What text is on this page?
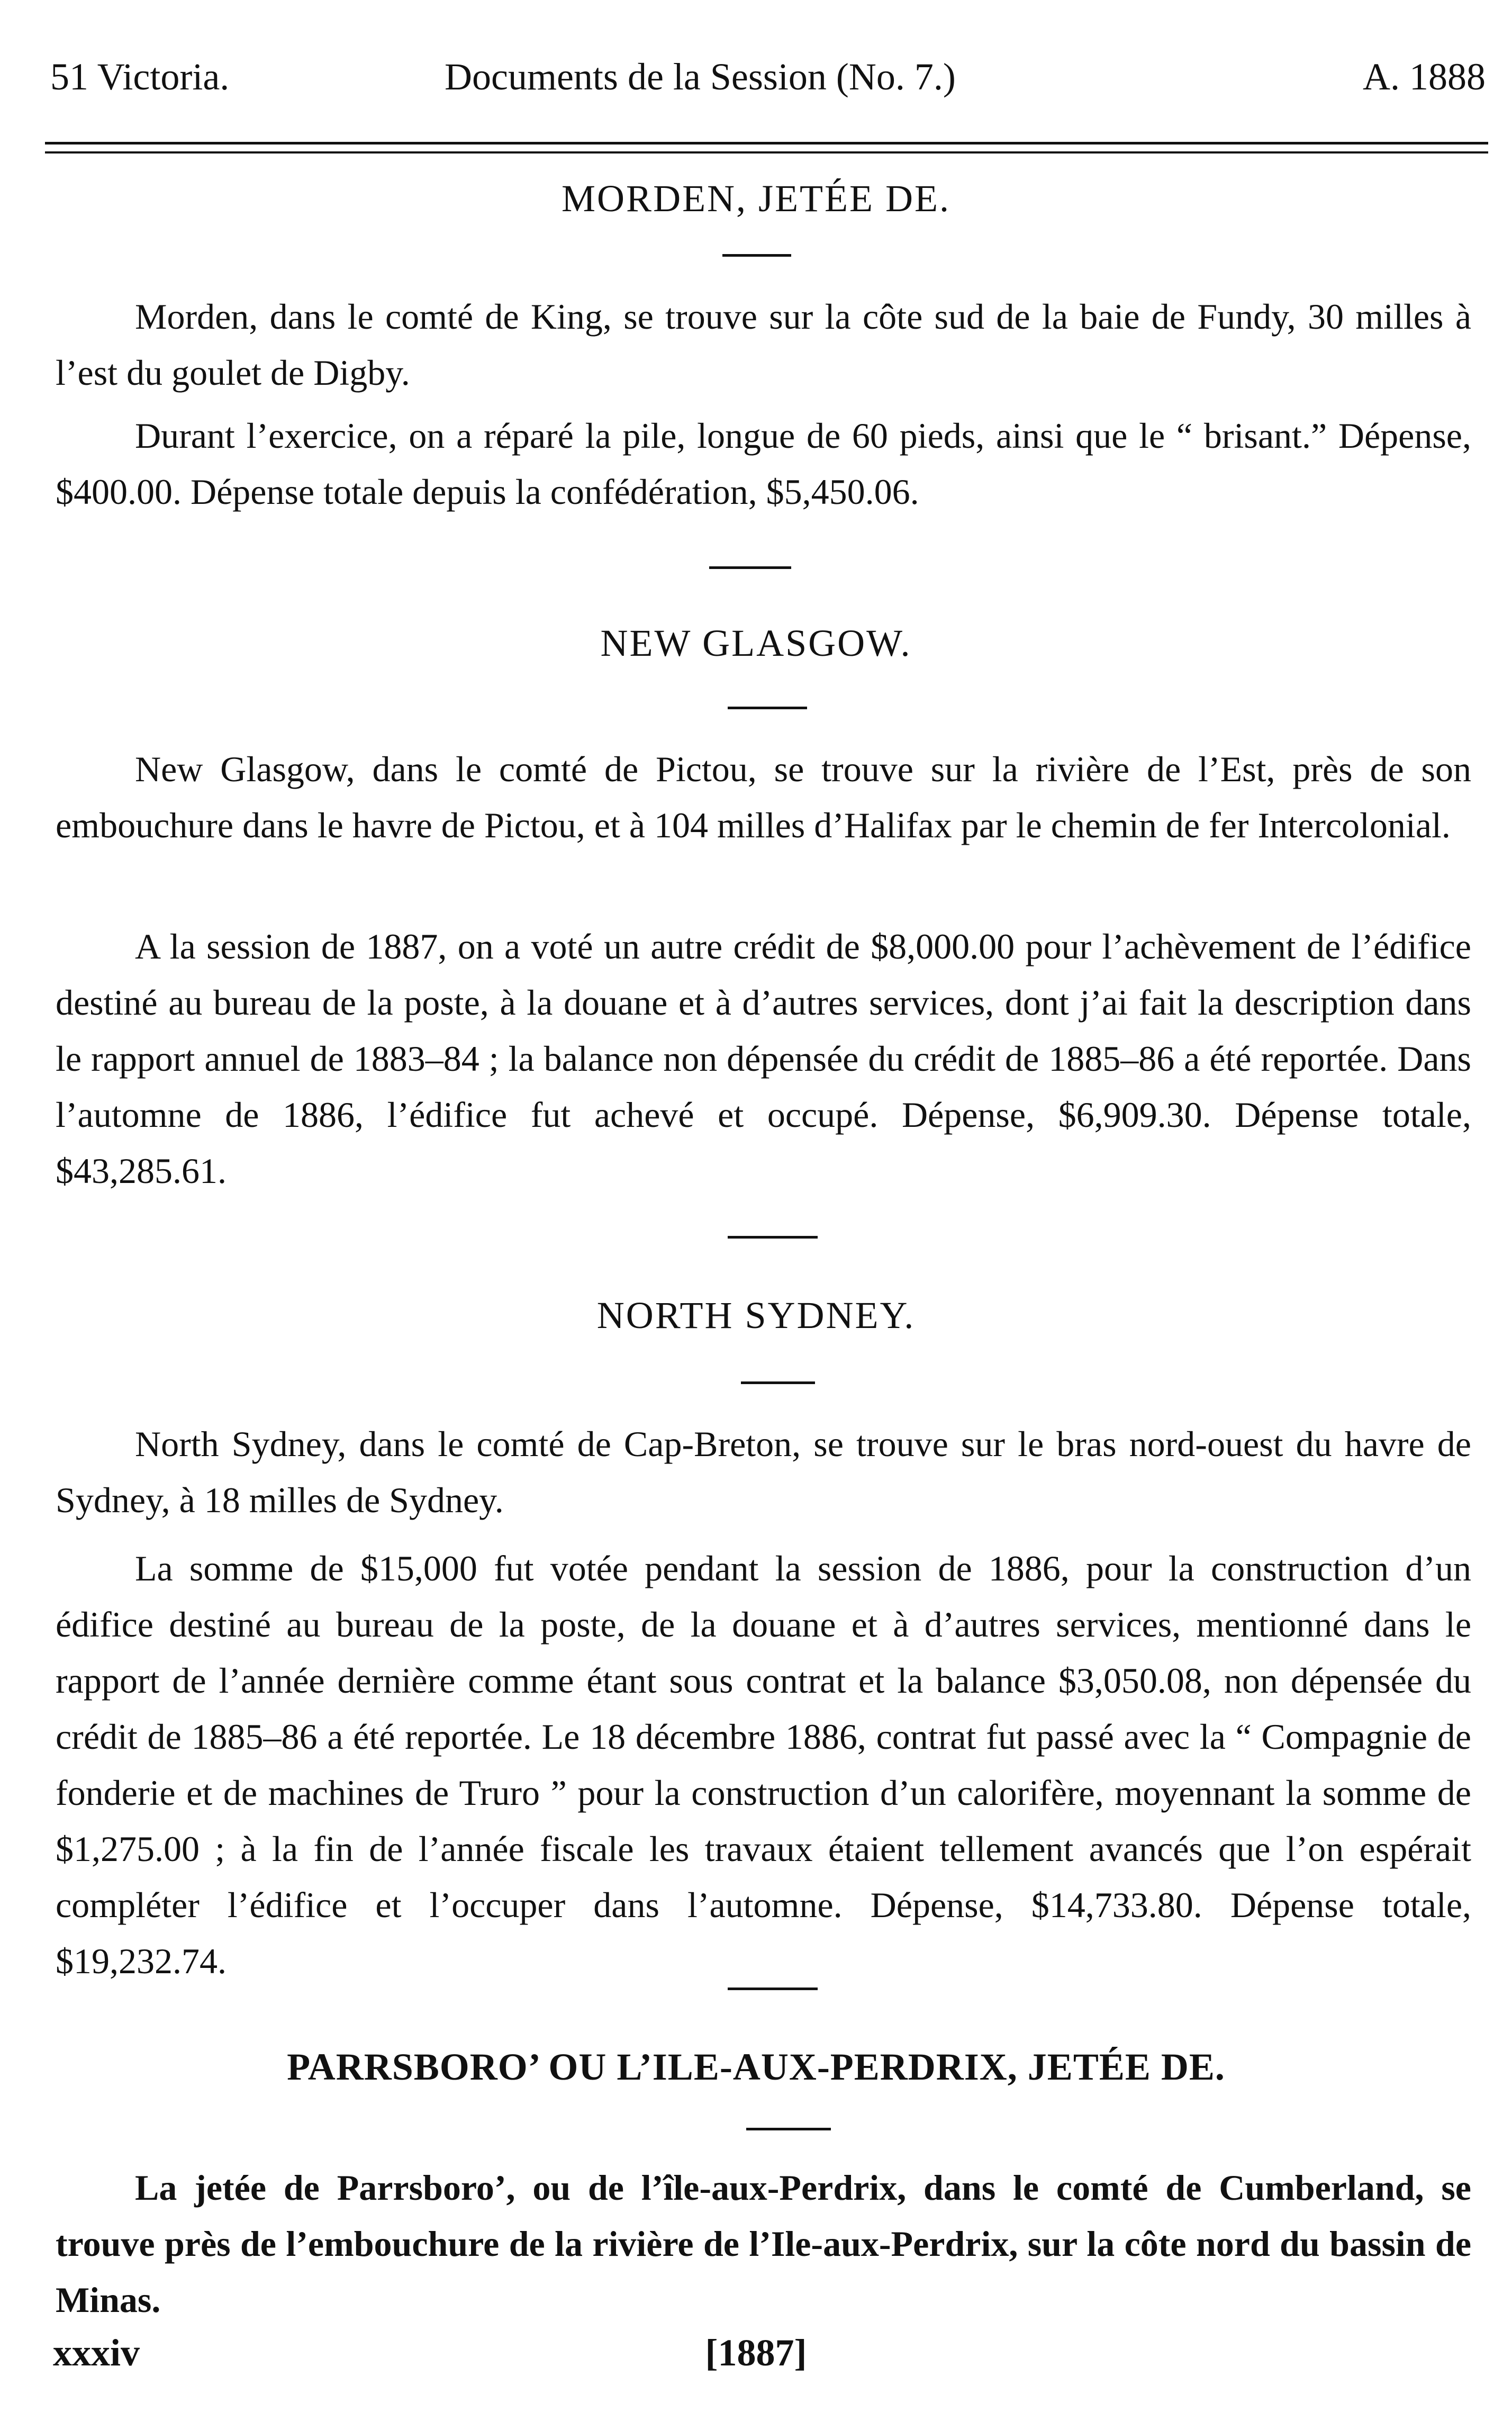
51 Victoria.	Documents de la Session (No. 7.)	A. 1888
MORDEN, JETÉE DE.

Morden, dans le comté de King, se trouve sur la côte sud de la baie de Fundy, 30 milles à l’est du goulet de Digby.

Durant l’exercice, on a réparé la pile, longue de 60 pieds, ainsi que le “ brisant.” Dépense, $400.00. Dépense totale depuis la confédération, $5,450.06.

NEW GLASGOW.

New Glasgow, dans le comté de Pictou, se trouve sur la rivière de l’Est, près de son embouchure dans le havre de Pictou, et à 104 milles d’Halifax par le chemin de fer Intercolonial.

A la session de 1887, on a voté un autre crédit de $8,000.00 pour l’achèvement de l’édifice destiné au bureau de la poste, à la douane et à d’autres services, dont j’ai fait la description dans le rapport annuel de 1883–84 ; la balance non dépensée du crédit de 1885–86 a été reportée. Dans l’automne de 1886, l’édifice fut achevé et occupé. Dépense, $6,909.30. Dépense totale, $43,285.61.

NORTH SYDNEY.

North Sydney, dans le comté de Cap-Breton, se trouve sur le bras nord-ouest du havre de Sydney, à 18 milles de Sydney.

La somme de $15,000 fut votée pendant la session de 1886, pour la construction d’un édifice destiné au bureau de la poste, de la douane et à d’autres services, mentionné dans le rapport de l’année dernière comme étant sous contrat et la balance $3,050.08, non dépensée du crédit de 1885–86 a été reportée. Le 18 décembre 1886, contrat fut passé avec la “ Compagnie de fonderie et de machines de Truro ” pour la construction d’un calorifère, moyennant la somme de $1,275.00 ; à la fin de l’année fiscale les travaux étaient tellement avancés que l’on espérait compléter l’édifice et l’occuper dans l’automne. Dépense, $14,733.80. Dépense totale, $19,232.74.

PARRSBORO’ OU L’ILE-AUX-PERDRIX, JETÉE DE.

La jetée de Parrsboro’, ou de l’île-aux-Perdrix, dans le comté de Cumberland, se trouve près de l’embouchure de la rivière de l’Ile-aux-Perdrix, sur la côte nord du bassin de Minas.

xxxiv	[1887]
